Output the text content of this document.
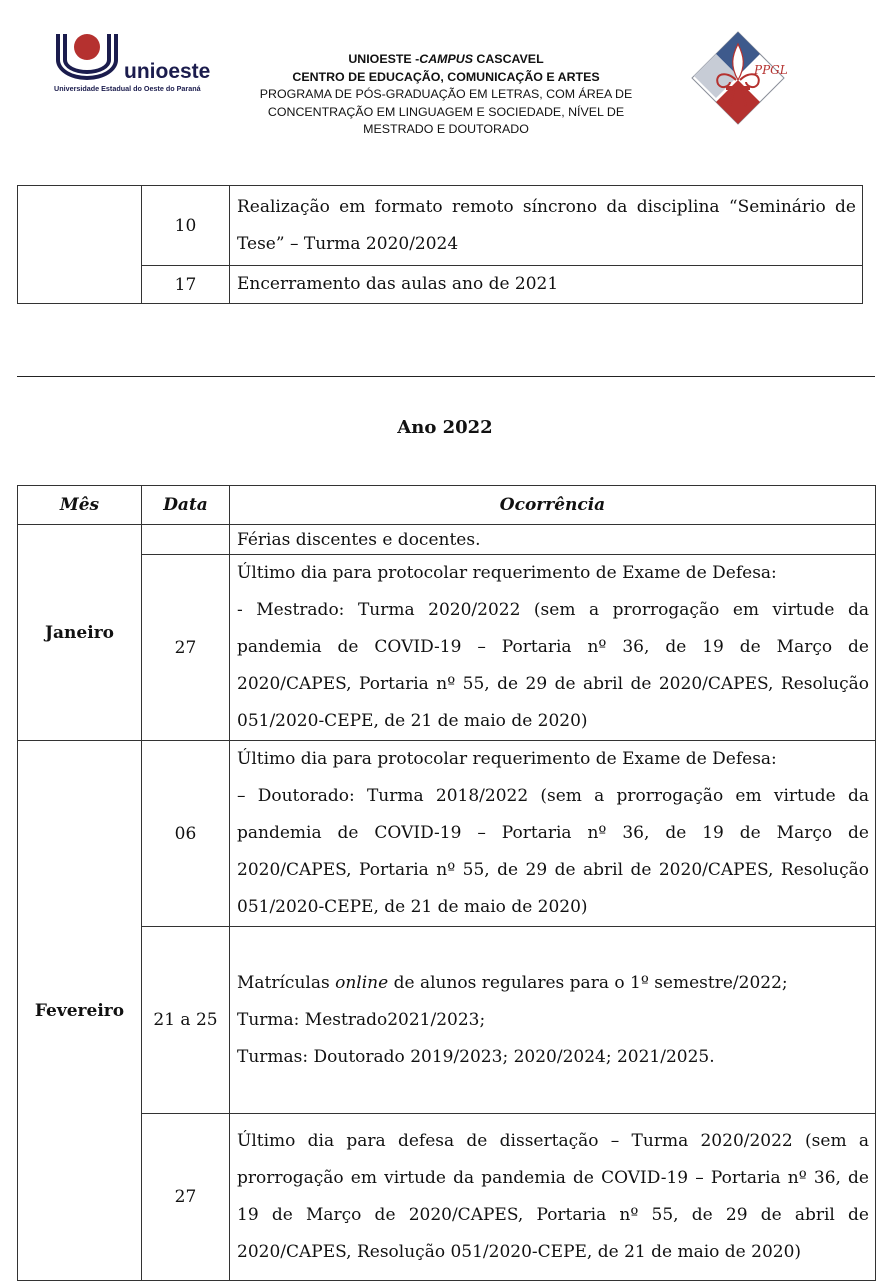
unioeste
Universidade Estadual do Oeste do Paraná
UNIOESTE -CAMPUS CASCAVEL
CENTRO DE EDUCAÇÃO, COMUNICAÇÃO E ARTES
PROGRAMA DE PÓS-GRADUAÇÃO EM LETRAS, COM ÁREA DE
CONCENTRAÇÃO EM LINGUAGEM E SOCIEDADE, NÍVEL DE
MESTRADO E DOUTORADO
PPGL
	10	Realização em formato remoto síncrono da disciplina “Seminário de
Tese” – Turma 2020/2024

	17	Encerramento das aulas ano de 2021
Ano 2022
Mês	Data	Ocorrência
Janeiro		Férias discentes e docentes.
	27	Último dia para protocolar requerimento de Exame de Defesa:
- Mestrado: Turma 2020/2022 (sem a prorrogação em virtude da
pandemia de COVID-19 – Portaria nº 36, de 19 de Março de
2020/CAPES, Portaria nº 55, de 29 de abril de 2020/CAPES, Resolução
051/2020-CEPE, de 21 de maio de 2020)

Fevereiro	06	Último dia para protocolar requerimento de Exame de Defesa:
– Doutorado: Turma 2018/2022 (sem a prorrogação em virtude da
pandemia de COVID-19 – Portaria nº 36, de 19 de Março de
2020/CAPES, Portaria nº 55, de 29 de abril de 2020/CAPES, Resolução
051/2020-CEPE, de 21 de maio de 2020)

	21 a 25	Matrículas online de alunos regulares para o 1º semestre/2022;
Turma: Mestrado2021/2023;
Turmas: Doutorado 2019/2023; 2020/2024; 2021/2025.

	27	Último dia para defesa de dissertação – Turma 2020/2022 (sem a
prorrogação em virtude da pandemia de COVID-19 – Portaria nº 36, de
19 de Março de 2020/CAPES, Portaria nº 55, de 29 de abril de
2020/CAPES, Resolução 051/2020-CEPE, de 21 de maio de 2020)
